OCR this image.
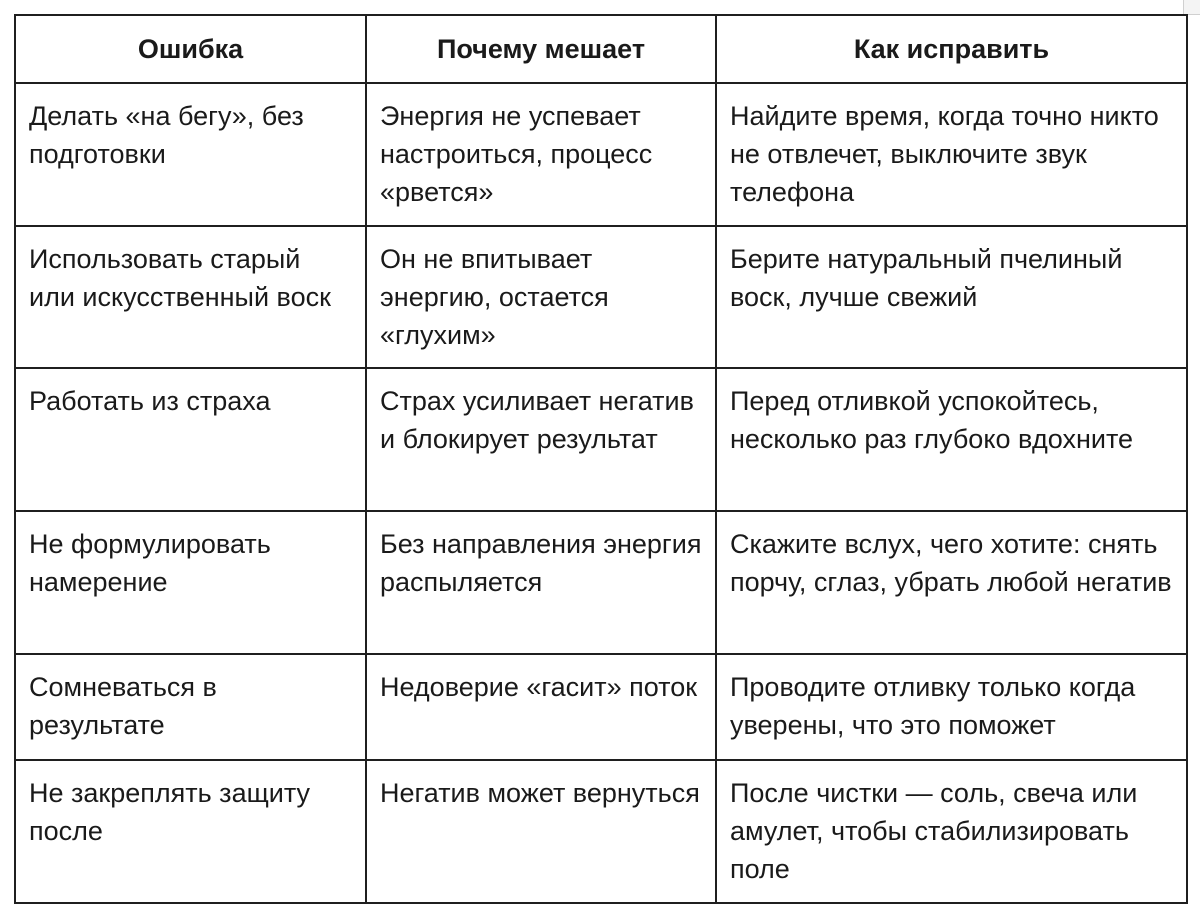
Ошибка	Почему мешает	Как исправить
Делать «на бегу», без подготовки	Энергия не успевает настроиться, процесс «рвется»	Найдите время, когда точно никто не отвлечет, выключите звук телефона
Использовать старый или искусственный воск	Он не впитывает энергию, остается «глухим»	Берите натуральный пчелиный воск, лучше свежий
Работать из страха	Страх усиливает негатив и блокирует результат	Перед отливкой успокойтесь, несколько раз глубоко вдохните
Не формулировать намерение	Без направления энергия распыляется	Скажите вслух, чего хотите: снять порчу, сглаз, убрать любой негатив
Сомневаться в результате	Недоверие «гасит» поток	Проводите отливку только когда уверены, что это поможет
Не закреплять защиту после	Негатив может вернуться	После чистки — соль, свеча или амулет, чтобы стабилизировать поле
